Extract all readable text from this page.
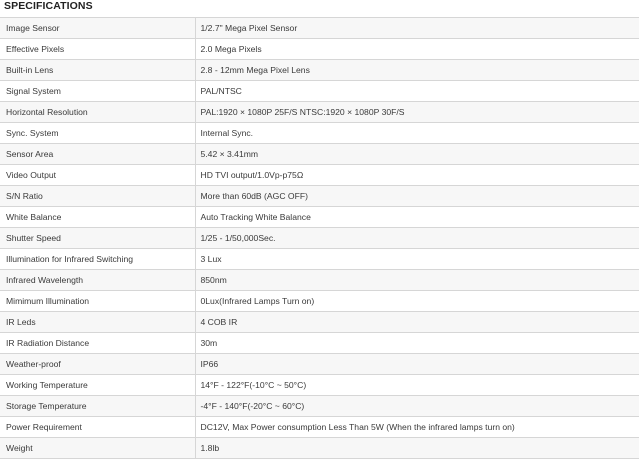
SPECIFICATIONS
Image Sensor	1/2.7" Mega Pixel Sensor
Effective Pixels	2.0 Mega Pixels
Built-in Lens	2.8 - 12mm Mega Pixel Lens
Signal System	PAL/NTSC
Horizontal Resolution	PAL:1920 × 1080P 25F/S NTSC:1920 × 1080P 30F/S
Sync. System	Internal Sync.
Sensor Area	5.42 × 3.41mm
Video Output	HD TVI output/1.0Vp-p75Ω
S/N Ratio	More than 60dB (AGC OFF)
White Balance	Auto Tracking White Balance
Shutter Speed	1/25 - 1/50,000Sec.
Illumination for Infrared Switching	3 Lux
Infrared Wavelength	850nm
Mimimum Illumination	0Lux(Infrared Lamps Turn on)
IR Leds	4 COB IR
IR Radiation Distance	30m
Weather-proof	IP66
Working Temperature	14°F - 122°F(-10°C ~ 50°C)
Storage Temperature	-4°F - 140°F(-20°C ~ 60°C)
Power Requirement	DC12V, Max Power consumption Less Than 5W (When the infrared lamps turn on)
Weight	1.8lb
